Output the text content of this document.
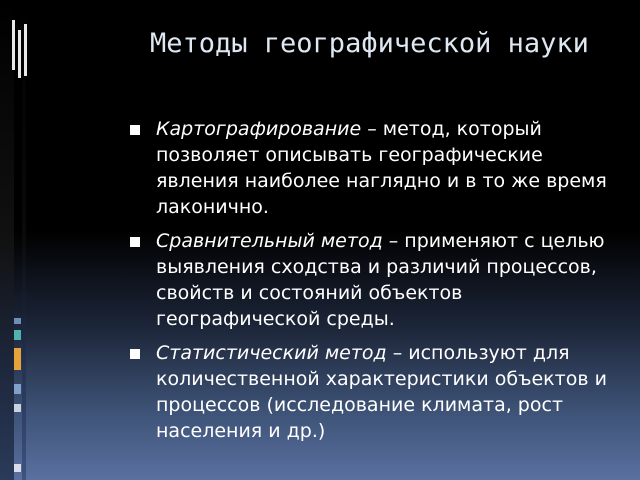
Методы географической науки
Картографирование – метод, который позволяет описывать географические явления наиболее наглядно и в то же время лаконично.
Сравнительный метод – применяют с целью выявления сходства и различий процессов, свойств и состояний объектов географической среды.
Статистический метод – используют для количественной характеристики объектов и процессов (исследование климата, рост населения и др.)
